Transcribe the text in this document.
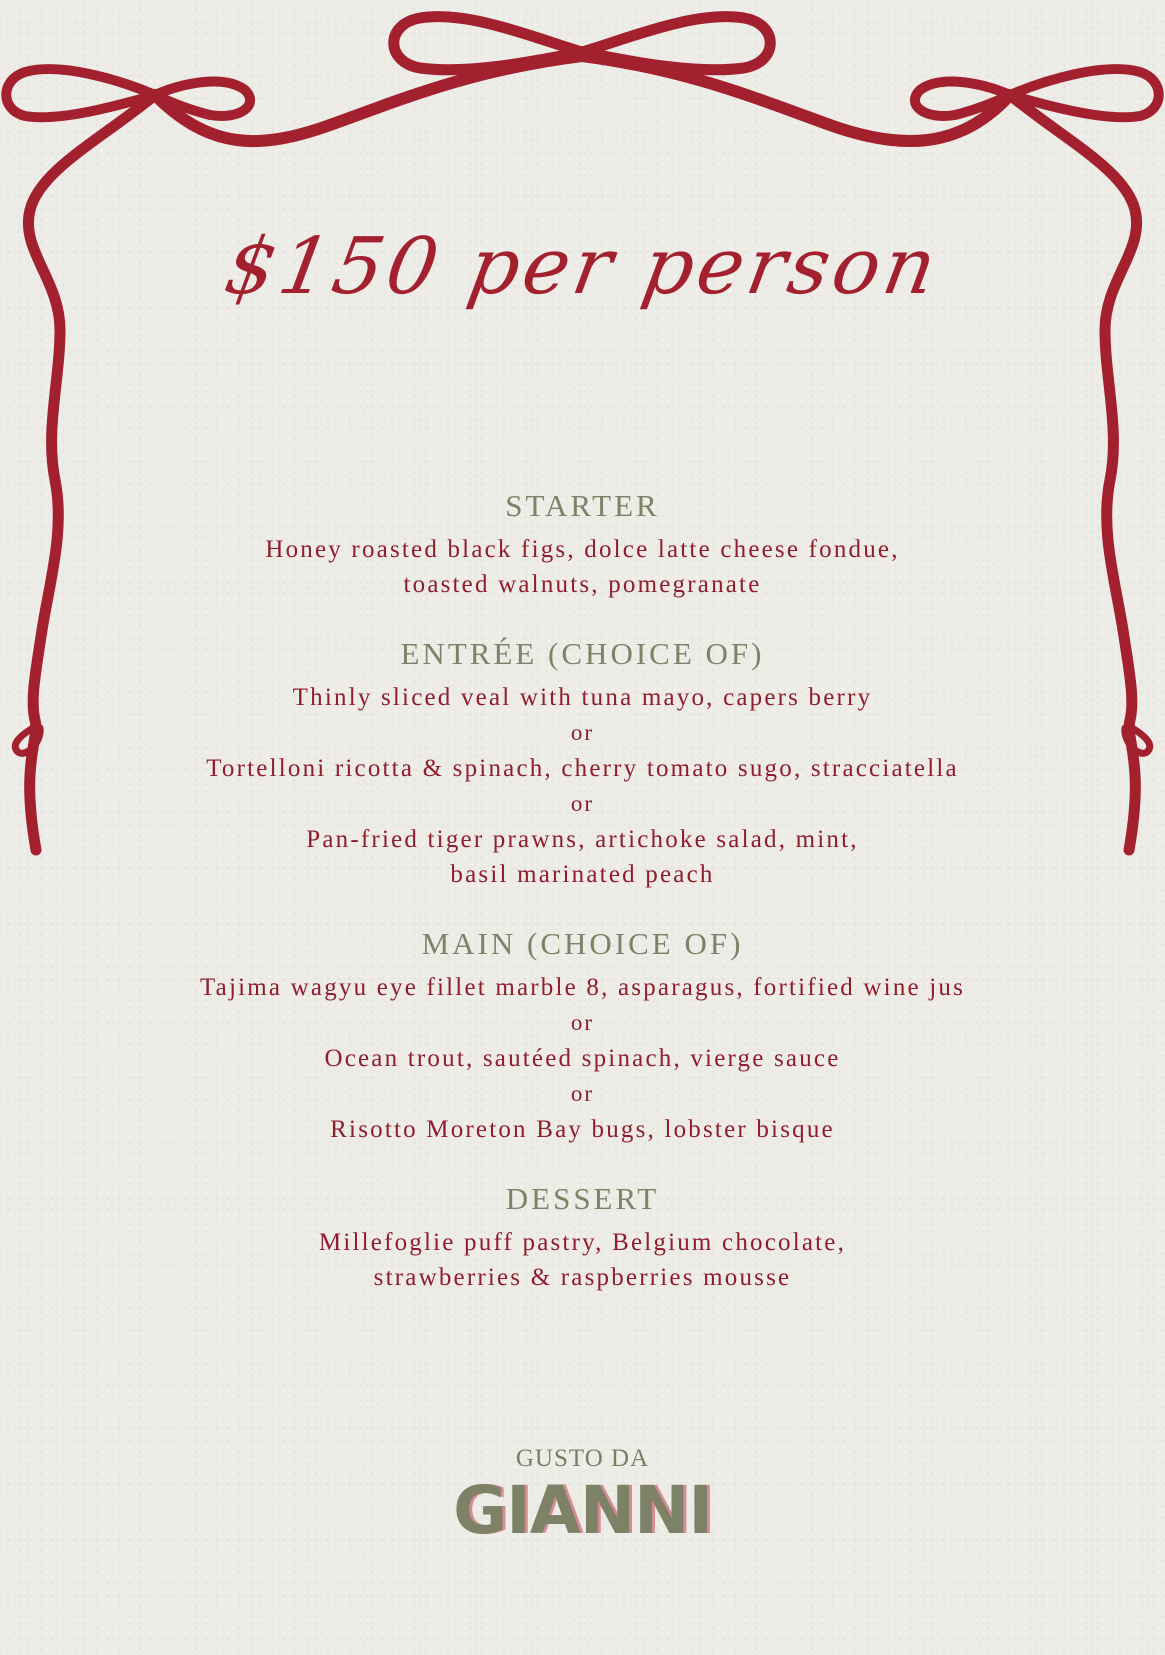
$150 per person
STARTER
Honey roasted black figs, dolce latte cheese fondue,
toasted walnuts, pomegranate
ENTRÉE (CHOICE OF)
Thinly sliced veal with tuna mayo, capers berry
or
Tortelloni ricotta & spinach, cherry tomato sugo, stracciatella
or
Pan-fried tiger prawns, artichoke salad, mint,
basil marinated peach
MAIN (CHOICE OF)
Tajima wagyu eye fillet marble 8, asparagus, fortified wine jus
or
Ocean trout, sautéed spinach, vierge sauce
or
Risotto Moreton Bay bugs, lobster bisque
DESSERT
Millefoglie puff pastry, Belgium chocolate,
strawberries & raspberries mousse
GUSTO DA
GIANNI
